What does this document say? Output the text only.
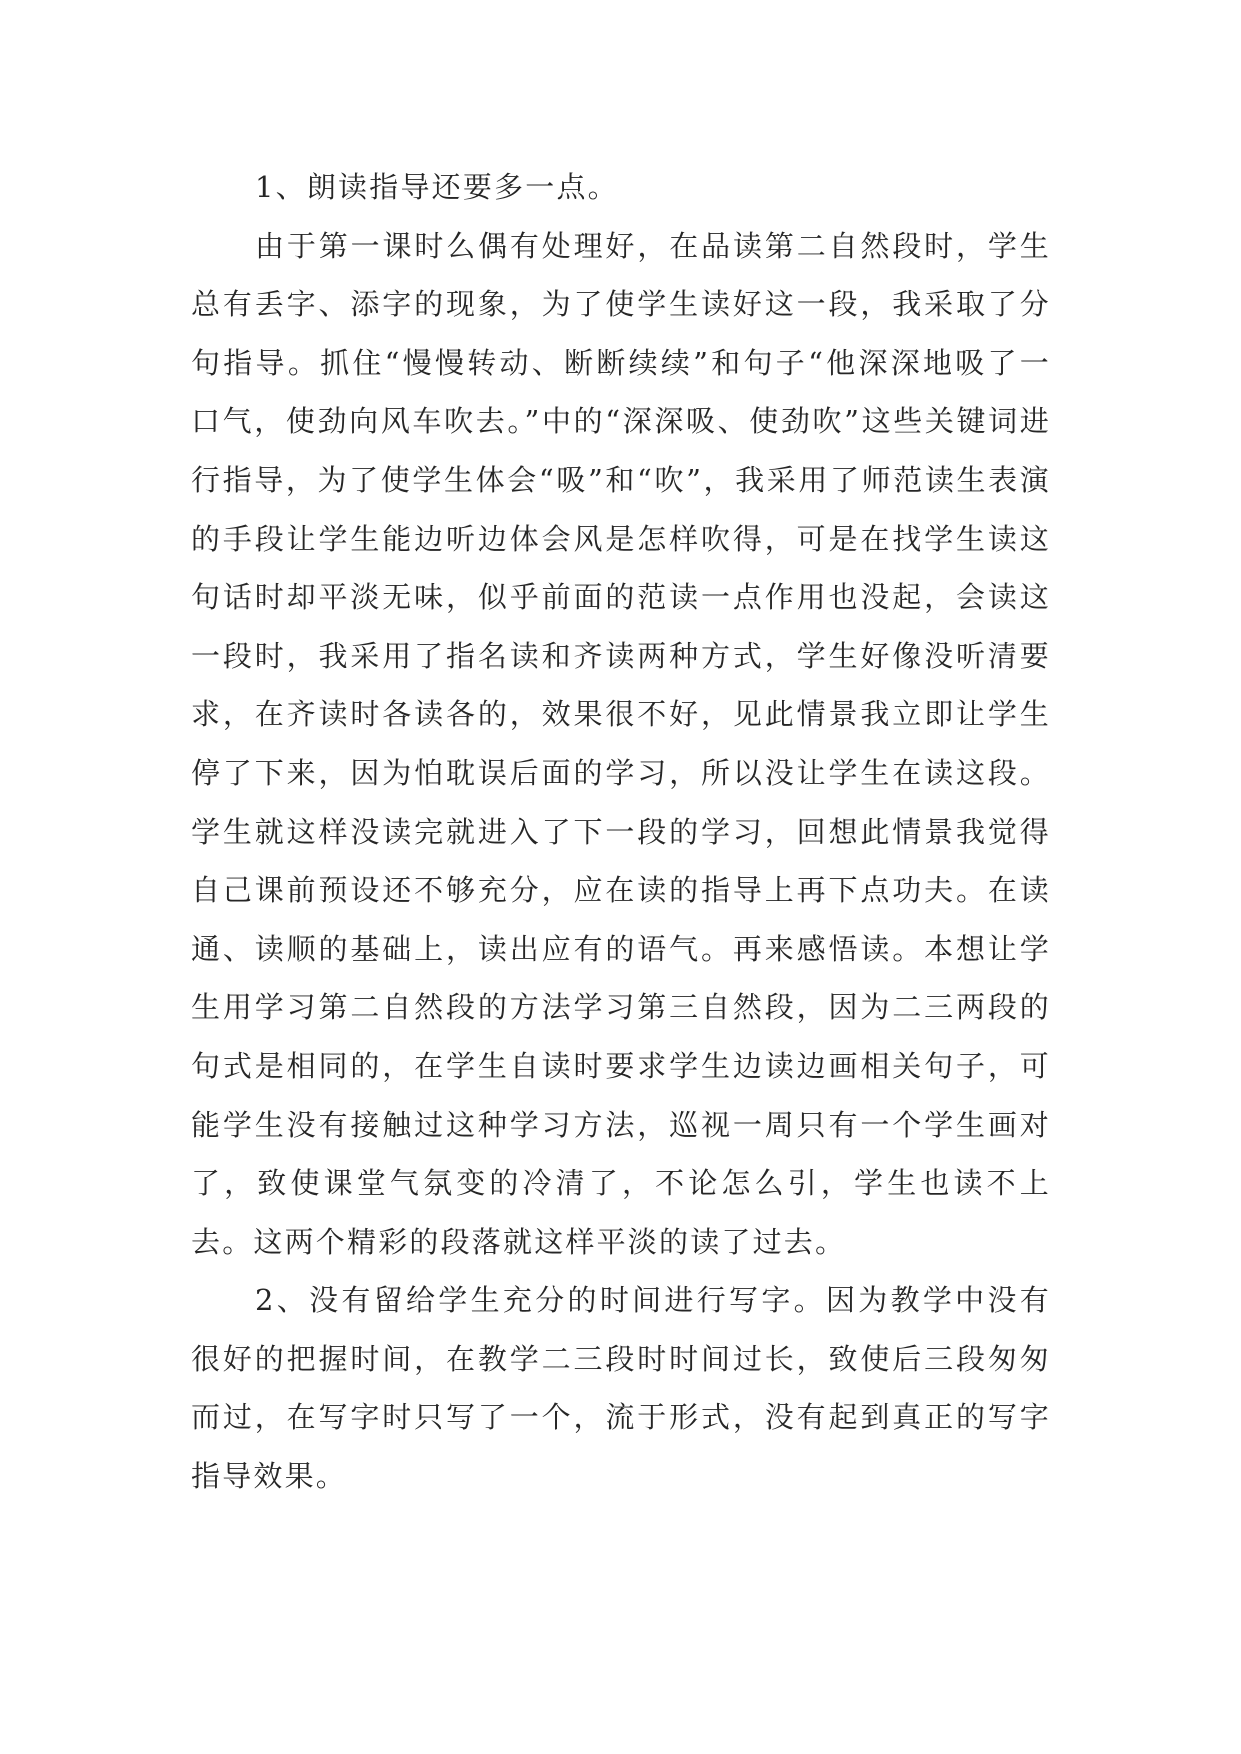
1、朗读指导还要多一点。

由于第一课时么偶有处理好，在品读第二自然段时，学生总有丢字、添字的现象，为了使学生读好这一段，我采取了分句指导。抓住“慢慢转动、断断续续”和句子“他深深地吸了一口气，使劲向风车吹去。”中的“深深吸、使劲吹”这些关键词进行指导，为了使学生体会“吸”和“吹”，我采用了师范读生表演的手段让学生能边听边体会风是怎样吹得，可是在找学生读这句话时却平淡无味，似乎前面的范读一点作用也没起，会读这一段时，我采用了指名读和齐读两种方式，学生好像没听清要求，在齐读时各读各的，效果很不好，见此情景我立即让学生停了下来，因为怕耽误后面的学习，所以没让学生在读这段。学生就这样没读完就进入了下一段的学习，回想此情景我觉得自己课前预设还不够充分，应在读的指导上再下点功夫。在读通、读顺的基础上，读出应有的语气。再来感悟读。本想让学生用学习第二自然段的方法学习第三自然段，因为二三两段的句式是相同的，在学生自读时要求学生边读边画相关句子，可能学生没有接触过这种学习方法，巡视一周只有一个学生画对了，致使课堂气氛变的冷清了，不论怎么引，学生也读不上去。这两个精彩的段落就这样平淡的读了过去。

2、没有留给学生充分的时间进行写字。因为教学中没有很好的把握时间，在教学二三段时时间过长，致使后三段匆匆而过，在写字时只写了一个，流于形式，没有起到真正的写字指导效果。
